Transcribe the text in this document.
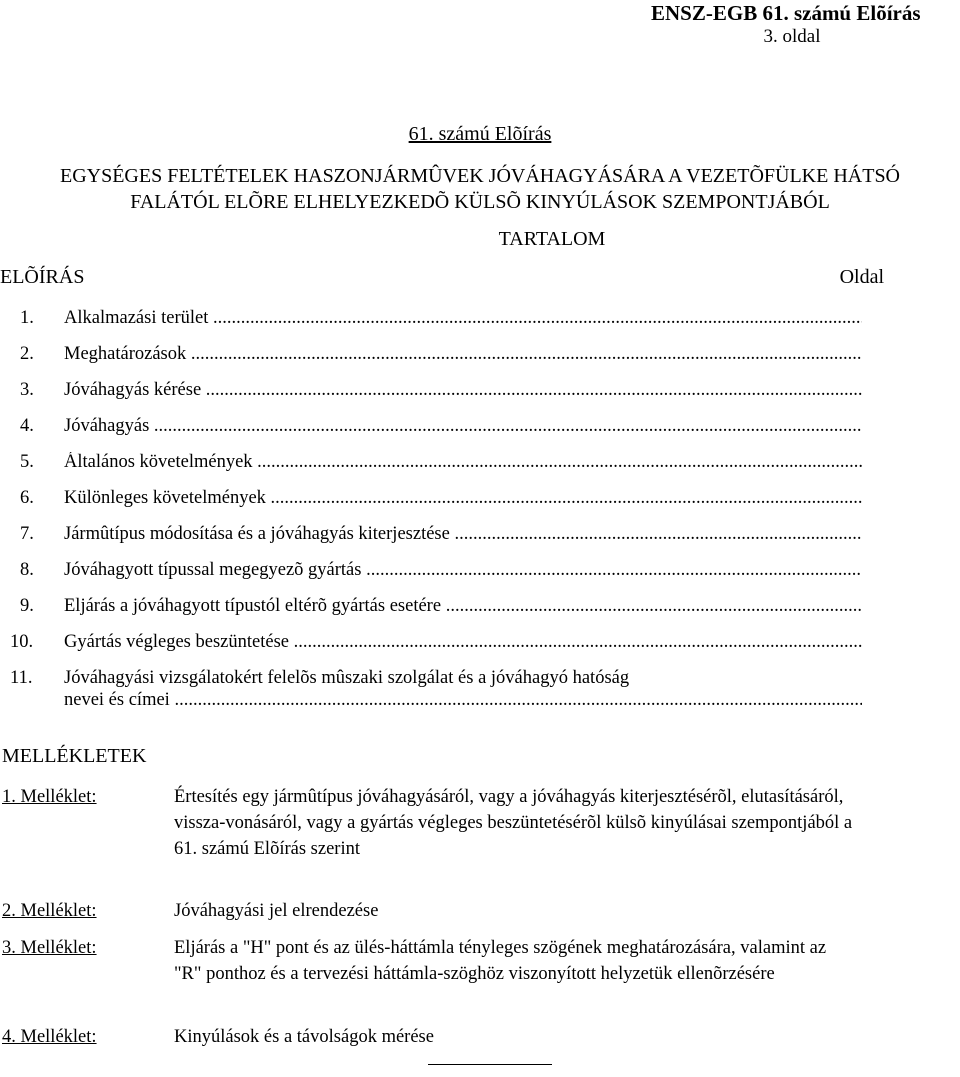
ENSZ-EGB 61. számú Elõírás
3. oldal
61. számú Elõírás
EGYSÉGES FELTÉTELEK HASZONJÁRMÛVEK JÓVÁHAGYÁSÁRA A VEZETÕFÜLKE HÁTSÓ
FALÁTÓL ELÕRE ELHELYEZKEDÕ KÜLSÕ KINYÚLÁSOK SZEMPONTJÁBÓL
TARTALOM
ELÕÍRÁS	Oldal
1. Alkalmazási terület .....
2. Meghatározások .....
3. Jóváhagyás kérése .....
4. Jóváhagyás .....
5. Általános követelmények .....
6. Különleges követelmények .....
7. Jármûtípus módosítása és a jóváhagyás kiterjesztése .....
8. Jóváhagyott típussal megegyezõ gyártás .....
9. Eljárás a jóváhagyott típustól eltérõ gyártás esetére .....
10. Gyártás végleges beszüntetése .....
11. Jóváhagyási vizsgálatokért felelõs mûszaki szolgálat és a jóváhagyó hatóság
nevei és címei .....
MELLÉKLETEK
1. Melléklet:	Értesítés egy jármûtípus jóváhagyásáról, vagy a jóváhagyás kiterjesztésérõl, elutasításáról, vissza-vonásáról, vagy a gyártás végleges beszüntetésérõl külsõ kinyúlásai szempontjából a 61. számú Elõírás szerint
2. Melléklet:	Jóváhagyási jel elrendezése
3. Melléklet:	Eljárás a "H" pont és az ülés-háttámla tényleges szögének meghatározására, valamint az "R" ponthoz és a tervezési háttámla-szöghöz viszonyított helyzetük ellenõrzésére
4. Melléklet:	Kinyúlások és a távolságok mérése
